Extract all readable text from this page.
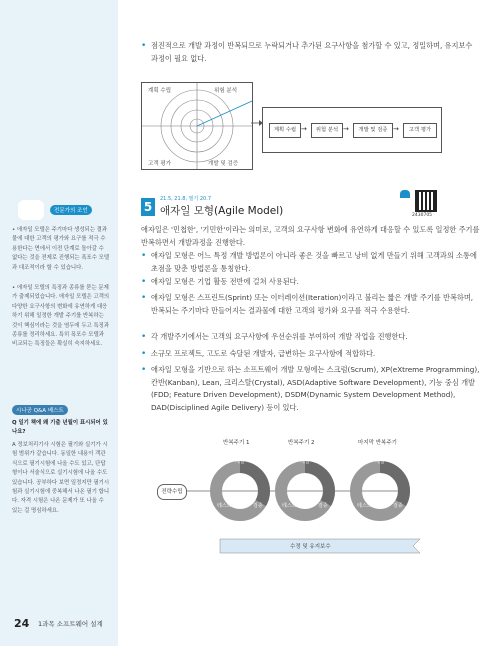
전문가의 조언
• 애자일 모델은 주기마다 생성되는 결과물에 대한 고객의 평가와 요구를 적극 수용한다는 면에서 이전 단계로 돌아갈 수 없다는 것을 전제로 진행되는 폭포수 모델과 대조적이라 할 수 있습니다.
• 애자일 모델의 특징과 종류를 묻는 문제가 출제되었습니다. 애자일 모델은 고객의 다양한 요구사항의 변화에 유연하게 대응하기 위해 일정한 개발 주기를 반복하는 것이 핵심이라는 것을 염두에 두고 특징과 종류를 정리하세요. 특히 폭포수 모델과 비교되는 특징들은 확실히 숙지하세요.
시나공 Q&A 베스트
Q 일기 책에 왜 기출 년월이 표시되어 있나요?
A 정보처리기사 시험은 필기와 실기가 시험 범위가 같습니다. 동일한 내용이 객관식으로 필기시험에 나올 수도 있고, 단답형이나 서술식으로 실기시험에 나올 수도 있습니다. 공부하다 보면 일정지만 필기시험과 실기시험에 중복해서 나온 필기 합니다. 자격 시험은 나온 문제가 또 나올 수 있는 걸 명심하세요.
• 점진적으로 개발 과정이 반복되므로 누락되거나 추가된 요구사항을 첨가할 수 있고, 정밀하며, 유지보수 과정이 필요 없다.
계획 수립	위험 분석
고객 평가	개발 및 검증
계획 수립 →	위험 분석 →	개발 및 검증 →	고객 평가
5
21.5, 21.8, 필기 20.7
애자일 모형(Agile Model)	2430705
애자일은 '민첩한', '기민한'이라는 의미로, 고객의 요구사항 변화에 유연하게 대응할 수 있도록 일정한 주기를 반복하면서 개발과정을 진행한다.
• 애자일 모형은 어느 특정 개발 방법론이 아니라 좋은 것을 빠르고 낭비 없게 만들기 위해 고객과의 소통에 초점을 맞춘 방법론을 통칭한다.
• 애자일 모형은 기업 활동 전반에 걸쳐 사용된다.
• 애자일 모형은 스프린트(Sprint) 또는 이터레이션(Iteration)이라고 불리는 짧은 개발 주기를 반복하며, 반복되는 주기마다 만들어지는 결과물에 대한 고객의 평가와 요구를 적극 수용한다.
• 각 개발주기에서는 고객의 요구사항에 우선순위를 부여하여 개발 작업을 진행한다.
• 소규모 프로젝트, 고도로 숙달된 개발자, 급변하는 요구사항에 적합하다.
• 애자일 모형을 기반으로 하는 소프트웨어 개발 모형에는 스크럼(Scrum), XP(eXtreme Programming), 칸반(Kanban), Lean, 크리스탈(Crystal), ASD(Adaptive Software Development), 기능 중심 개발(FDD; Feature Driven Development), DSDM(Dynamic System Development Method), DAD(Disciplined Agile Delivery) 등이 있다.
전략수립
반복주기 1	반복주기 2	마지막 반복주기
개발	개발	개발
검증	검증	검증
테스트	테스트	테스트
수정 및 유지보수
24 1과목 소프트웨어 설계
